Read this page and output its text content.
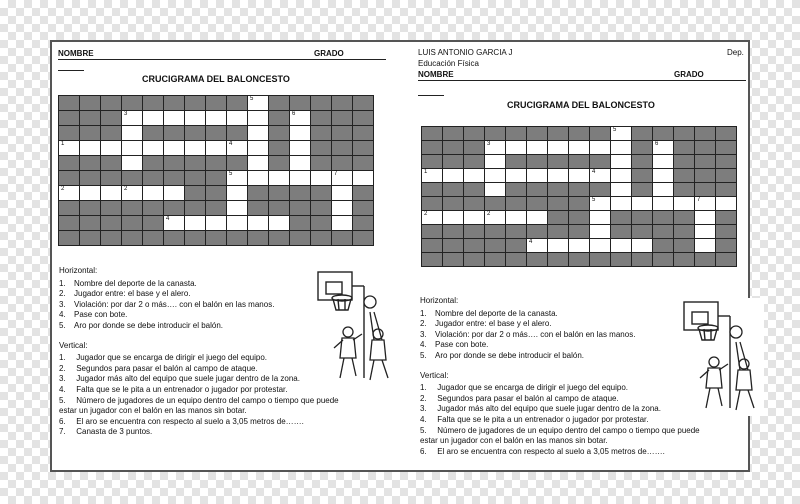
NOMBRE	GRADO
CRUCIGRAMA DEL BALONCESTO
5
3	6
1	4
5	7
2	2
4
Horizontal:
1. Nombre del deporte de la canasta.
2. Jugador entre: el base y el alero.
3. Violación: por dar 2 o más…. con el balón en las manos.
4. Pase con bote.
5. Aro por donde se debe introducir el balón.
Vertical:
1. Jugador que se encarga de dirigir el juego del equipo.
2. Segundos para pasar el balón al campo de ataque.
3. Jugador más alto del equipo que suele jugar dentro de la zona.
4. Falta que se le pita a un entrenador o jugador por protestar.
5. Número de jugadores de un equipo dentro del campo o tiempo que puede
estar un jugador con el balón en las manos sin botar.
6. El aro se encuentra con respecto al suelo a 3,05 metros de…….
7. Canasta de 3 puntos.
LUIS ANTONIO GARCIA J	Dep.
Educación Física
NOMBRE	GRADO
CRUCIGRAMA DEL BALONCESTO
5
3	6
1	4
5	7
2	2
4
Horizontal:
1. Nombre del deporte de la canasta.
2. Jugador entre: el base y el alero.
3. Violación: por dar 2 o más…. con el balón en las manos.
4. Pase con bote.
5. Aro por donde se debe introducir el balón.
Vertical:
1. Jugador que se encarga de dirigir el juego del equipo.
2. Segundos para pasar el balón al campo de ataque.
3. Jugador más alto del equipo que suele jugar dentro de la zona.
4. Falta que se le pita a un entrenador o jugador por protestar.
5. Número de jugadores de un equipo dentro del campo o tiempo que puede
estar un jugador con el balón en las manos sin botar.
6. El aro se encuentra con respecto al suelo a 3,05 metros de…….
